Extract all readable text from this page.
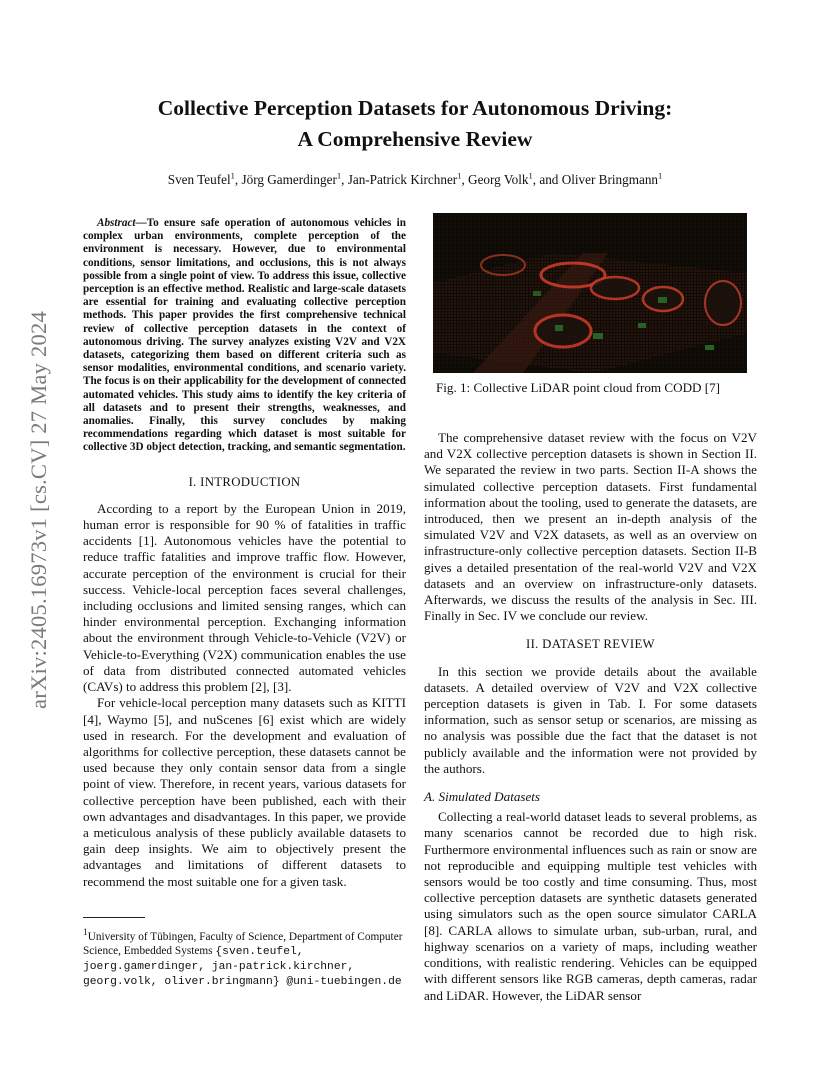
arXiv:2405.16973v1 [cs.CV] 27 May 2024
Collective Perception Datasets for Autonomous Driving:
A Comprehensive Review
Sven Teufel$^1$, Jörg Gamerdinger$^1$, Jan-Patrick Kirchner$^1$, Georg Volk$^1$, and Oliver Bringmann$^1$

Abstract—To ensure safe operation of autonomous vehicles in complex urban environments, complete perception of the environment is necessary. However, due to environmental conditions, sensor limitations, and occlusions, this is not always possible from a single point of view. To address this issue, collective perception is an effective method. Realistic and large-scale datasets are essential for training and evaluating collective perception methods. This paper provides the first comprehensive technical review of collective perception datasets in the context of autonomous driving. The survey analyzes existing V2V and V2X datasets, categorizing them based on different criteria such as sensor modalities, environmental conditions, and scenario variety. The focus is on their applicability for the development of connected automated vehicles. This study aims to identify the key criteria of all datasets and to present their strengths, weaknesses, and anomalies. Finally, this survey concludes by making recommendations regarding which dataset is most suitable for collective 3D object detection, tracking, and semantic segmentation.

I. INTRODUCTION

According to a report by the European Union in 2019, human error is responsible for 90 % of fatalities in traffic accidents [1]. Autonomous vehicles have the potential to reduce traffic fatalities and improve traffic flow. However, accurate perception of the environment is crucial for their success. Vehicle-local perception faces several challenges, including occlusions and limited sensing ranges, which can hinder environmental perception. Exchanging information about the environment through Vehicle-to-Vehicle (V2V) or Vehicle-to-Everything (V2X) communication enables the use of data from distributed connected automated vehicles (CAVs) to address this problem [2], [3].

For vehicle-local perception many datasets such as KITTI [4], Waymo [5], and nuScenes [6] exist which are widely used in research. For the development and evaluation of algorithms for collective perception, these datasets cannot be used because they only contain sensor data from a single point of view. Therefore, in recent years, various datasets for collective perception have been published, each with their own advantages and disadvantages. In this paper, we provide a meticulous analysis of these publicly available datasets to gain deep insights. We aim to objectively present the advantages and limitations of different datasets to recommend the most suitable one for a given task.

$^1$University of Tübingen, Faculty of Science, Department of Computer Science, Embedded Systems {sven.teufel, joerg.gamerdinger, jan-patrick.kirchner, georg.volk, oliver.bringmann} @uni-tuebingen.de
Fig. 1: Collective LiDAR point cloud from CODD [7]

The comprehensive dataset review with the focus on V2V and V2X collective perception datasets is shown in Section II. We separated the review in two parts. Section II-A shows the simulated collective perception datasets. First fundamental information about the tooling, used to generate the datasets, are introduced, then we present an in-depth analysis of the simulated V2V and V2X datasets, as well as an overview on infrastructure-only collective perception datasets. Section II-B gives a detailed presentation of the real-world V2V and V2X datasets and an overview on infrastructure-only datasets. Afterwards, we discuss the results of the analysis in Sec. III. Finally in Sec. IV we conclude our review.

II. DATASET REVIEW

In this section we provide details about the available datasets. A detailed overview of V2V and V2X collective perception datasets is given in Tab. I. For some datasets information, such as sensor setup or scenarios, are missing as no analysis was possible due the fact that the dataset is not publicly available and the information were not provided by the authors.

A. Simulated Datasets

Collecting a real-world dataset leads to several problems, as many scenarios cannot be recorded due to high risk. Furthermore environmental influences such as rain or snow are not reproducible and equipping multiple test vehicles with sensors would be too costly and time consuming. Thus, most collective perception datasets are synthetic datasets generated using simulators such as the open source simulator CARLA [8]. CARLA allows to simulate urban, sub-urban, rural, and highway scenarios on a variety of maps, including weather conditions, with realistic rendering. Vehicles can be equipped with different sensors like RGB cameras, depth cameras, radar and LiDAR. However, the LiDAR sensor
